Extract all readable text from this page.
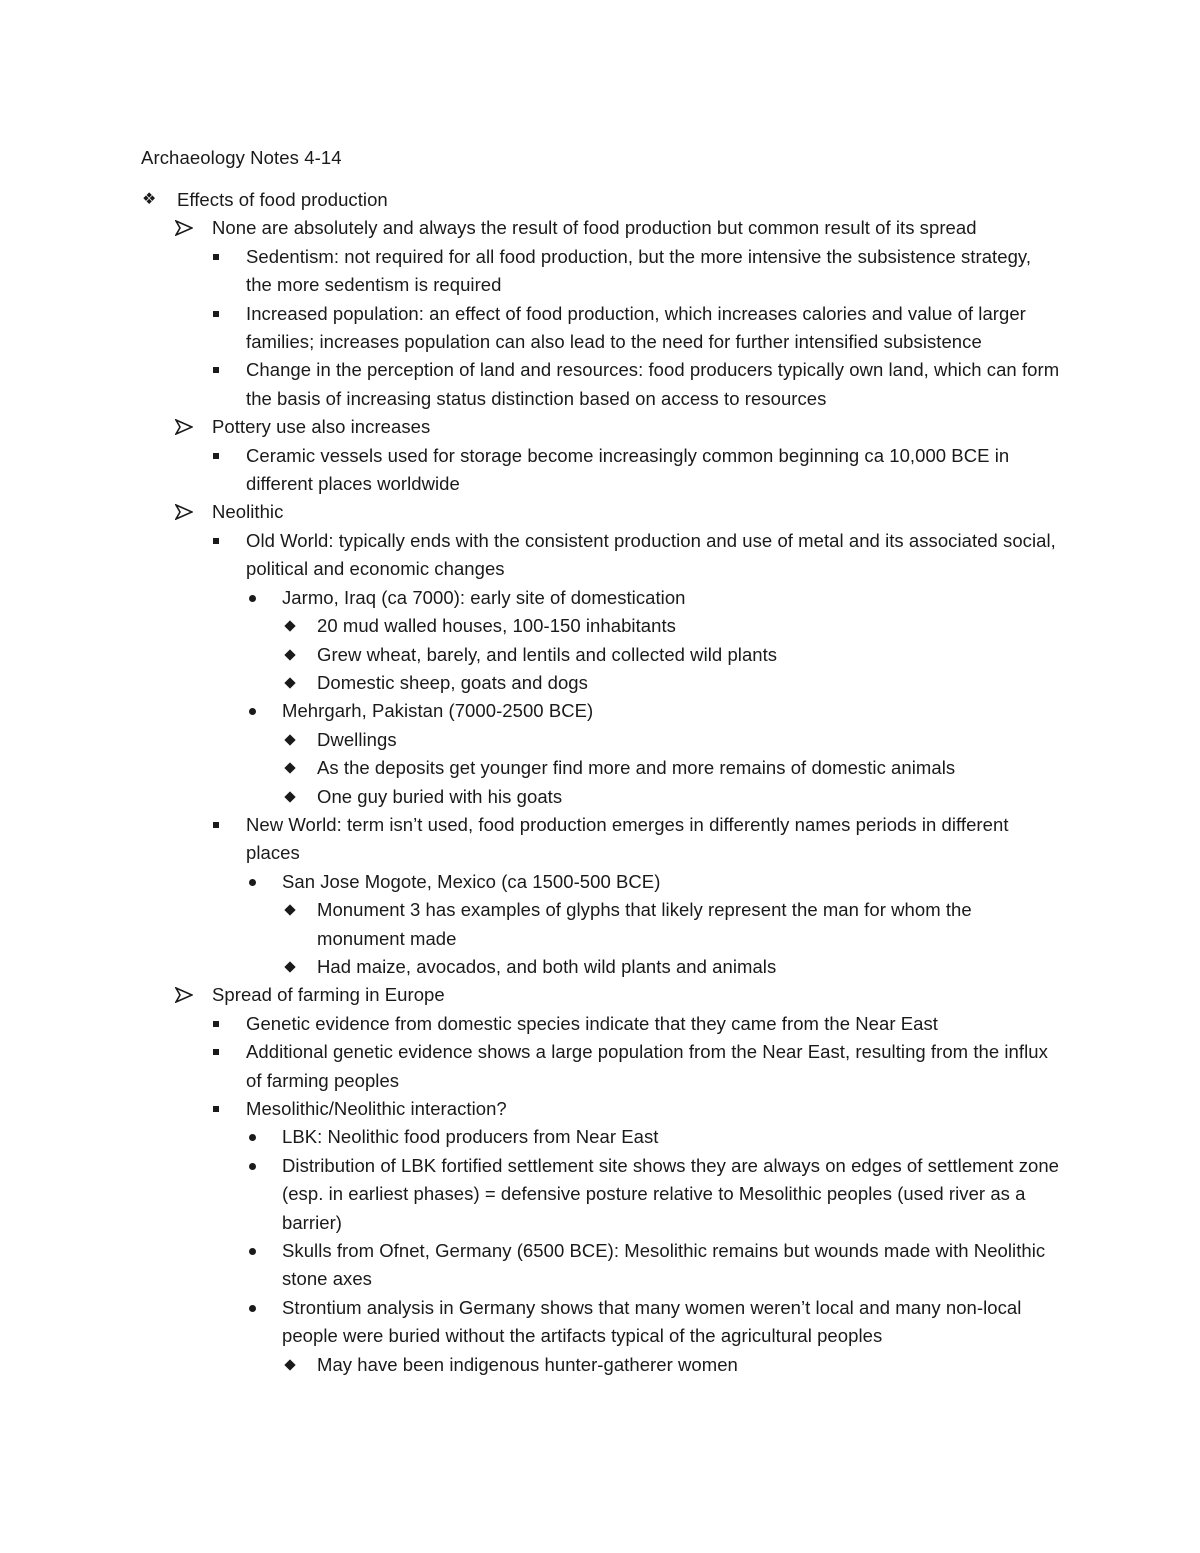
Archaeology Notes 4-14
❖ Effects of food production
None are absolutely and always the result of food production but common result of its spread
Sedentism: not required for all food production, but the more intensive the subsistence strategy, the more sedentism is required
Increased population: an effect of food production, which increases calories and value of larger families; increases population can also lead to the need for further intensified subsistence
Change in the perception of land and resources: food producers typically own land, which can form the basis of increasing status distinction based on access to resources
Pottery use also increases
Ceramic vessels used for storage become increasingly common beginning ca 10,000 BCE in different places worldwide
Neolithic
Old World: typically ends with the consistent production and use of metal and its associated social, political and economic changes
Jarmo, Iraq (ca 7000): early site of domestication
20 mud walled houses, 100-150 inhabitants
Grew wheat, barely, and lentils and collected wild plants
Domestic sheep, goats and dogs
Mehrgarh, Pakistan (7000-2500 BCE)
Dwellings
As the deposits get younger find more and more remains of domestic animals
One guy buried with his goats
New World: term isn’t used, food production emerges in differently names periods in different places
San Jose Mogote, Mexico (ca 1500-500 BCE)
Monument 3 has examples of glyphs that likely represent the man for whom the monument made
Had maize, avocados, and both wild plants and animals
Spread of farming in Europe
Genetic evidence from domestic species indicate that they came from the Near East
Additional genetic evidence shows a large population from the Near East, resulting from the influx of farming peoples
Mesolithic/Neolithic interaction?
LBK: Neolithic food producers from Near East
Distribution of LBK fortified settlement site shows they are always on edges of settlement zone (esp. in earliest phases) = defensive posture relative to Mesolithic peoples (used river as a barrier)
Skulls from Ofnet, Germany (6500 BCE): Mesolithic remains but wounds made with Neolithic stone axes
Strontium analysis in Germany shows that many women weren’t local and many non-local people were buried without the artifacts typical of the agricultural peoples
May have been indigenous hunter-gatherer women
